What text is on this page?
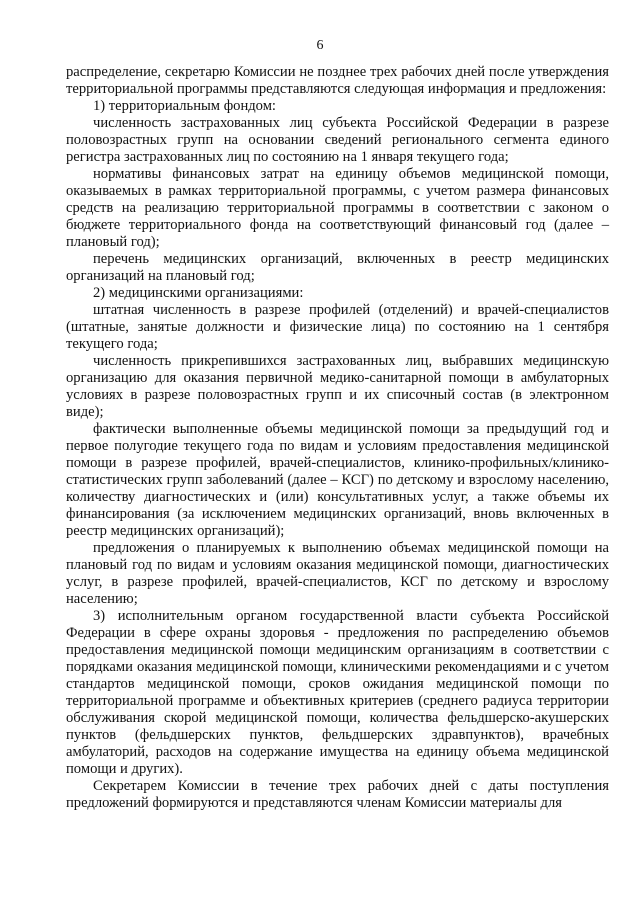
6

распределение, секретарю Комиссии не позднее трех рабочих дней после утверждения территориальной программы представляются следующая информация и предложения:

1) территориальным фондом:

численность застрахованных лиц субъекта Российской Федерации в разрезе половозрастных групп на основании сведений регионального сегмента единого регистра застрахованных лиц по состоянию на 1 января текущего года;

нормативы финансовых затрат на единицу объемов медицинской помощи, оказываемых в рамках территориальной программы, с учетом размера финансовых средств на реализацию территориальной программы в соответствии с законом о бюджете территориального фонда на соответствующий финансовый год (далее – плановый год);

перечень медицинских организаций, включенных в реестр медицинских организаций на плановый год;

2) медицинскими организациями:

штатная численность в разрезе профилей (отделений) и врачей-специалистов (штатные, занятые должности и физические лица) по состоянию на 1 сентября текущего года;

численность прикрепившихся застрахованных лиц, выбравших медицинскую организацию для оказания первичной медико-санитарной помощи в амбулаторных условиях в разрезе половозрастных групп и их списочный состав (в электронном виде);

фактически выполненные объемы медицинской помощи за предыдущий год и первое полугодие текущего года по видам и условиям предоставления медицинской помощи в разрезе профилей, врачей-специалистов, клинико-профильных/клинико-статистических групп заболеваний (далее – КСГ) по детскому и взрослому населению, количеству диагностических и (или) консультативных услуг, а также объемы их финансирования (за исключением медицинских организаций, вновь включенных в реестр медицинских организаций);

предложения о планируемых к выполнению объемах медицинской помощи на плановый год по видам и условиям оказания медицинской помощи, диагностических услуг, в разрезе профилей, врачей-специалистов, КСГ по детскому и взрослому населению;

3) исполнительным органом государственной власти субъекта Российской Федерации в сфере охраны здоровья - предложения по распределению объемов предоставления медицинской помощи медицинским организациям в соответствии с порядками оказания медицинской помощи, клиническими рекомендациями и с учетом стандартов медицинской помощи, сроков ожидания медицинской помощи по территориальной программе и объективных критериев (среднего радиуса территории обслуживания скорой медицинской помощи, количества фельдшерско-акушерских пунктов (фельдшерских пунктов, фельдшерских здравпунктов), врачебных амбулаторий, расходов на содержание имущества на единицу объема медицинской помощи и других).

Секретарем Комиссии в течение трех рабочих дней с даты поступления предложений формируются и представляются членам Комиссии материалы для
